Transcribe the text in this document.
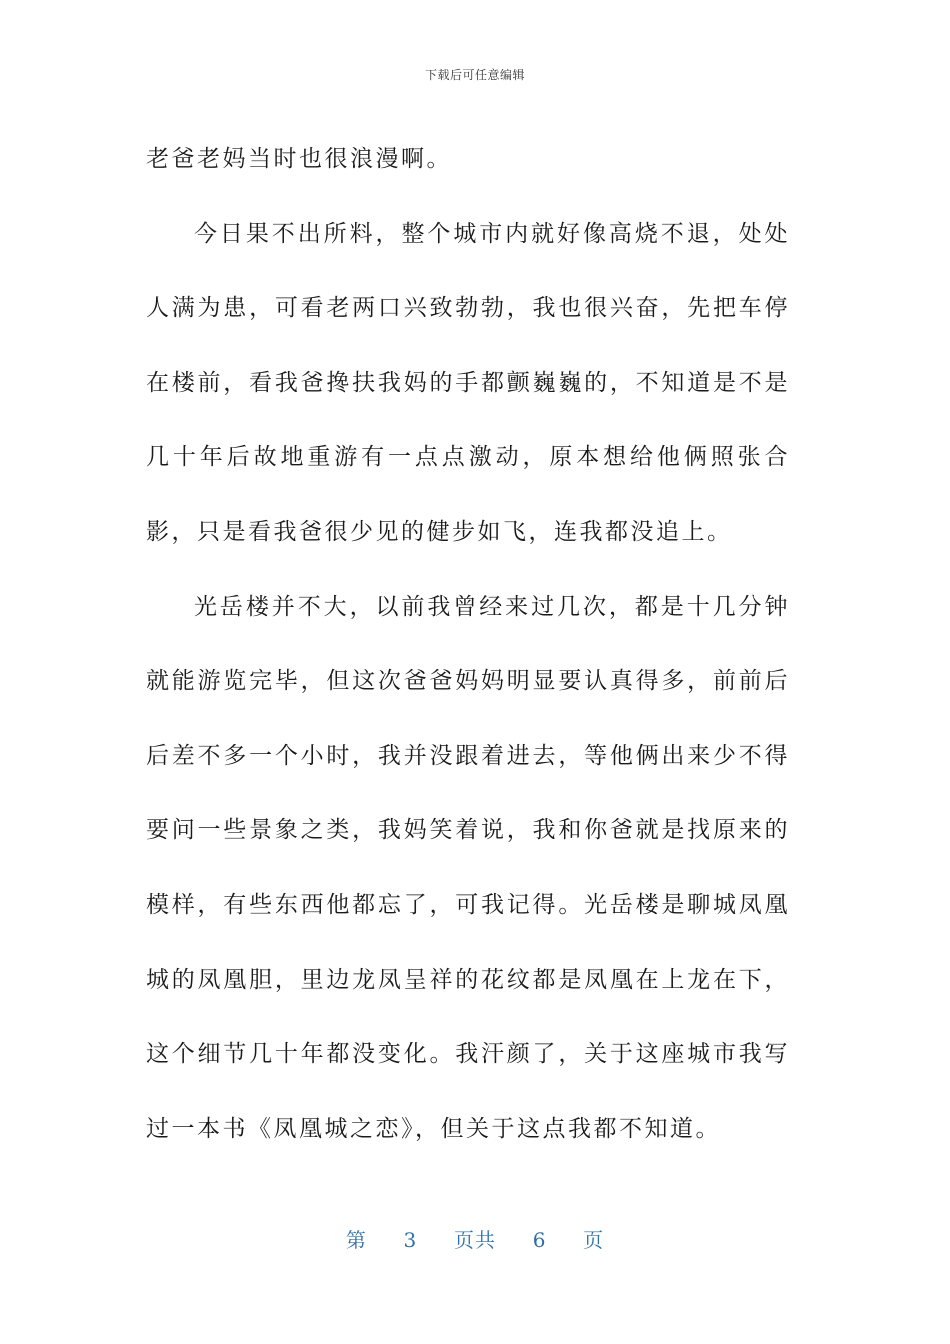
下载后可任意编辑

老爸老妈当时也很浪漫啊。

今日果不出所料，整个城市内就好像高烧不退，处处人满为患，可看老两口兴致勃勃，我也很兴奋，先把车停在楼前，看我爸搀扶我妈的手都颤巍巍的，不知道是不是几十年后故地重游有一点点激动，原本想给他俩照张合影，只是看我爸很少见的健步如飞，连我都没追上。

光岳楼并不大，以前我曾经来过几次，都是十几分钟就能游览完毕，但这次爸爸妈妈明显要认真得多，前前后后差不多一个小时，我并没跟着进去，等他俩出来少不得要问一些景象之类，我妈笑着说，我和你爸就是找原来的模样，有些东西他都忘了，可我记得。光岳楼是聊城凤凰城的凤凰胆，里边龙凤呈祥的花纹都是凤凰在上龙在下，这个细节几十年都没变化。我汗颜了，关于这座城市我写过一本书《凤凰城之恋》，但关于这点我都不知道。

第 3 页共 6 页
